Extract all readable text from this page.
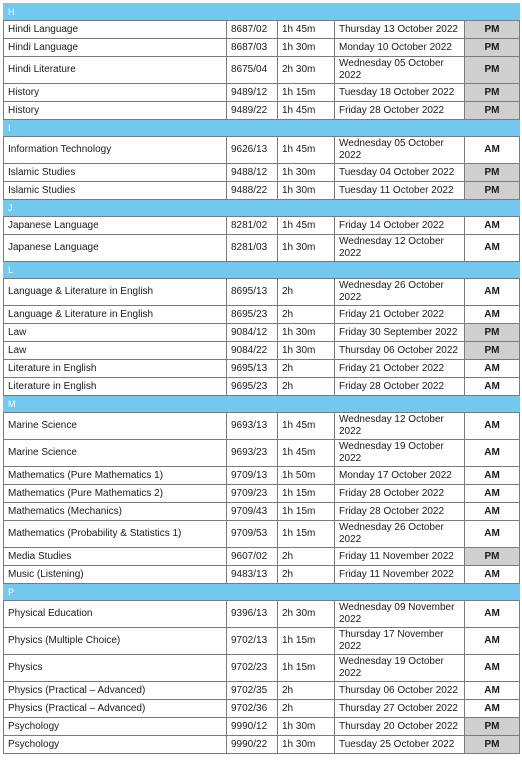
H				
Hindi Language	8687/02	1h 45m	Thursday 13 October 2022	PM
Hindi Language	8687/03	1h 30m	Monday 10 October 2022	PM
Hindi Literature	8675/04	2h 30m	Wednesday 05 October 2022	PM
History	9489/12	1h 15m	Tuesday 18 October 2022	PM
History	9489/22	1h 45m	Friday 28 October 2022	PM
I				
Information Technology	9626/13	1h 45m	Wednesday 05 October 2022	AM
Islamic Studies	9488/12	1h 30m	Tuesday 04 October 2022	PM
Islamic Studies	9488/22	1h 30m	Tuesday 11 October 2022	PM
J				
Japanese Language	8281/02	1h 45m	Friday 14 October 2022	AM
Japanese Language	8281/03	1h 30m	Wednesday 12 October 2022	AM
L				
Language & Literature in English	8695/13	2h	Wednesday 26 October 2022	AM
Language & Literature in English	8695/23	2h	Friday 21 October 2022	AM
Law	9084/12	1h 30m	Friday 30 September 2022	PM
Law	9084/22	1h 30m	Thursday 06 October 2022	PM
Literature in English	9695/13	2h	Friday 21 October 2022	AM
Literature in English	9695/23	2h	Friday 28 October 2022	AM
M				
Marine Science	9693/13	1h 45m	Wednesday 12 October 2022	AM
Marine Science	9693/23	1h 45m	Wednesday 19 October 2022	AM
Mathematics (Pure Mathematics 1)	9709/13	1h 50m	Monday 17 October 2022	AM
Mathematics (Pure Mathematics 2)	9709/23	1h 15m	Friday 28 October 2022	AM
Mathematics (Mechanics)	9709/43	1h 15m	Friday 28 October 2022	AM
Mathematics (Probability & Statistics 1)	9709/53	1h 15m	Wednesday 26 October 2022	AM
Media Studies	9607/02	2h	Friday 11 November 2022	PM
Music (Listening)	9483/13	2h	Friday 11 November 2022	AM
P				
Physical Education	9396/13	2h 30m	Wednesday 09 November 2022	AM
Physics (Multiple Choice)	9702/13	1h 15m	Thursday 17 November 2022	AM
Physics	9702/23	1h 15m	Wednesday 19 October 2022	AM
Physics (Practical – Advanced)	9702/35	2h	Thursday 06 October 2022	AM
Physics (Practical – Advanced)	9702/36	2h	Thursday 27 October 2022	AM
Psychology	9990/12	1h 30m	Thursday 20 October 2022	PM
Psychology	9990/22	1h 30m	Tuesday 25 October 2022	PM
